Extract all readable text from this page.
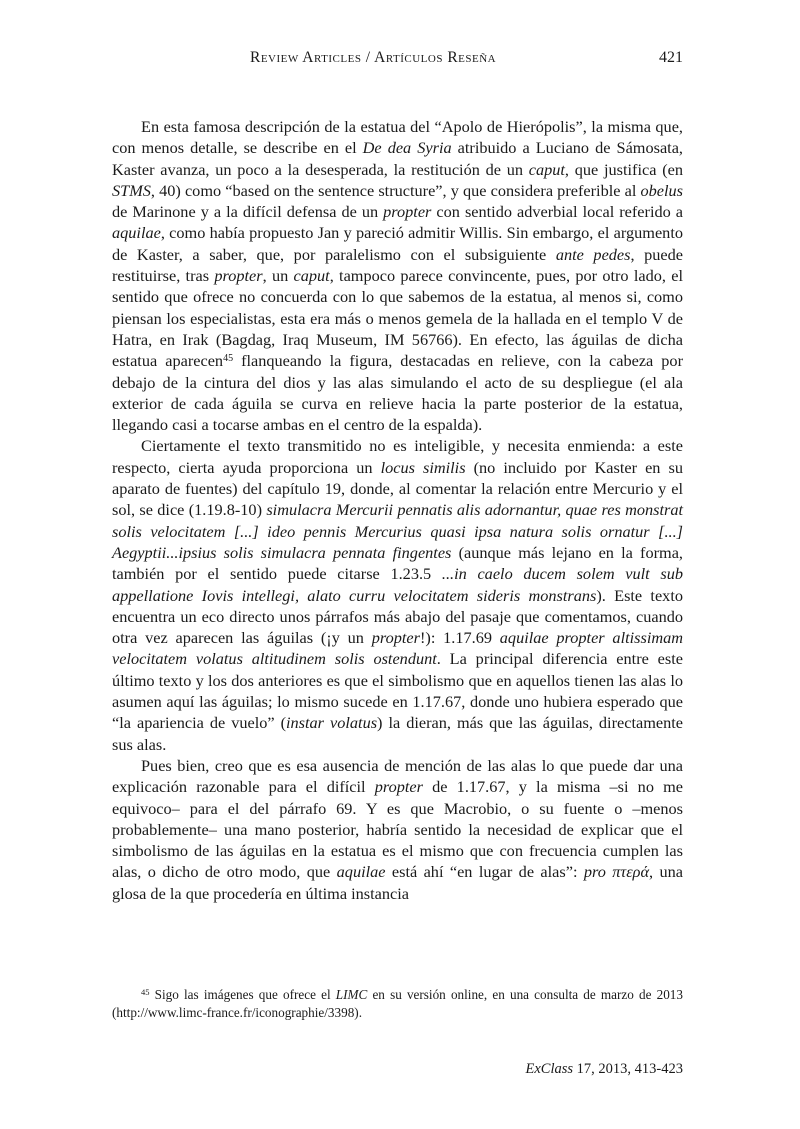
Review Articles / Artículos Reseña	421

En esta famosa descripción de la estatua del “Apolo de Hierópolis”, la misma que, con menos detalle, se describe en el De dea Syria atribuido a Luciano de Sámosata, Kaster avanza, un poco a la desesperada, la restitución de un caput, que justifica (en STMS, 40) como “based on the sentence structure”, y que considera preferible al obelus de Marinone y a la difícil defensa de un propter con sentido adverbial local referido a aquilae, como había propuesto Jan y pareció admitir Willis. Sin embargo, el argumento de Kaster, a saber, que, por paralelismo con el subsiguiente ante pedes, puede restituirse, tras propter, un caput, tampoco parece convincente, pues, por otro lado, el sentido que ofrece no concuerda con lo que sabemos de la estatua, al menos si, como piensan los especialistas, esta era más o menos gemela de la hallada en el templo V de Hatra, en Irak (Bagdag, Iraq Museum, IM 56766). En efecto, las águilas de dicha estatua aparecen$^{45}$ flanqueando la figura, destacadas en relieve, con la cabeza por debajo de la cintura del dios y las alas simulando el acto de su despliegue (el ala exterior de cada águila se curva en relieve hacia la parte posterior de la estatua, llegando casi a tocarse ambas en el centro de la espalda).

Ciertamente el texto transmitido no es inteligible, y necesita enmienda: a este respecto, cierta ayuda proporciona un locus similis (no incluido por Kaster en su aparato de fuentes) del capítulo 19, donde, al comentar la relación entre Mercurio y el sol, se dice (1.19.8-10) simulacra Mercurii pennatis alis adornantur, quae res monstrat solis velocitatem [...] ideo pennis Mercurius quasi ipsa natura solis ornatur [...] Aegyptii...ipsius solis simulacra pennata fingentes (aunque más lejano en la forma, también por el sentido puede citarse 1.23.5 ...in caelo ducem solem vult sub appellatione Iovis intellegi, alato curru velocitatem sideris monstrans). Este texto encuentra un eco directo unos párrafos más abajo del pasaje que comentamos, cuando otra vez aparecen las águilas (¡y un propter!): 1.17.69 aquilae propter altissimam velocitatem volatus altitudinem solis ostendunt. La principal diferencia entre este último texto y los dos anteriores es que el simbolismo que en aquellos tienen las alas lo asumen aquí las águilas; lo mismo sucede en 1.17.67, donde uno hubiera esperado que “la apariencia de vuelo” (instar volatus) la dieran, más que las águilas, directamente sus alas.

Pues bien, creo que es esa ausencia de mención de las alas lo que puede dar una explicación razonable para el difícil propter de 1.17.67, y la misma –si no me equivoco– para el del párrafo 69. Y es que Macrobio, o su fuente o –menos probablemente– una mano posterior, habría sentido la necesidad de explicar que el simbolismo de las águilas en la estatua es el mismo que con frecuencia cumplen las alas, o dicho de otro modo, que aquilae está ahí “en lugar de alas”: pro πτερά, una glosa de la que procedería en última instancia

$^{45}$ Sigo las imágenes que ofrece el LIMC en su versión online, en una consulta de marzo de 2013 (http://www.limc-france.fr/iconographie/3398).

ExClass 17, 2013, 413-423
